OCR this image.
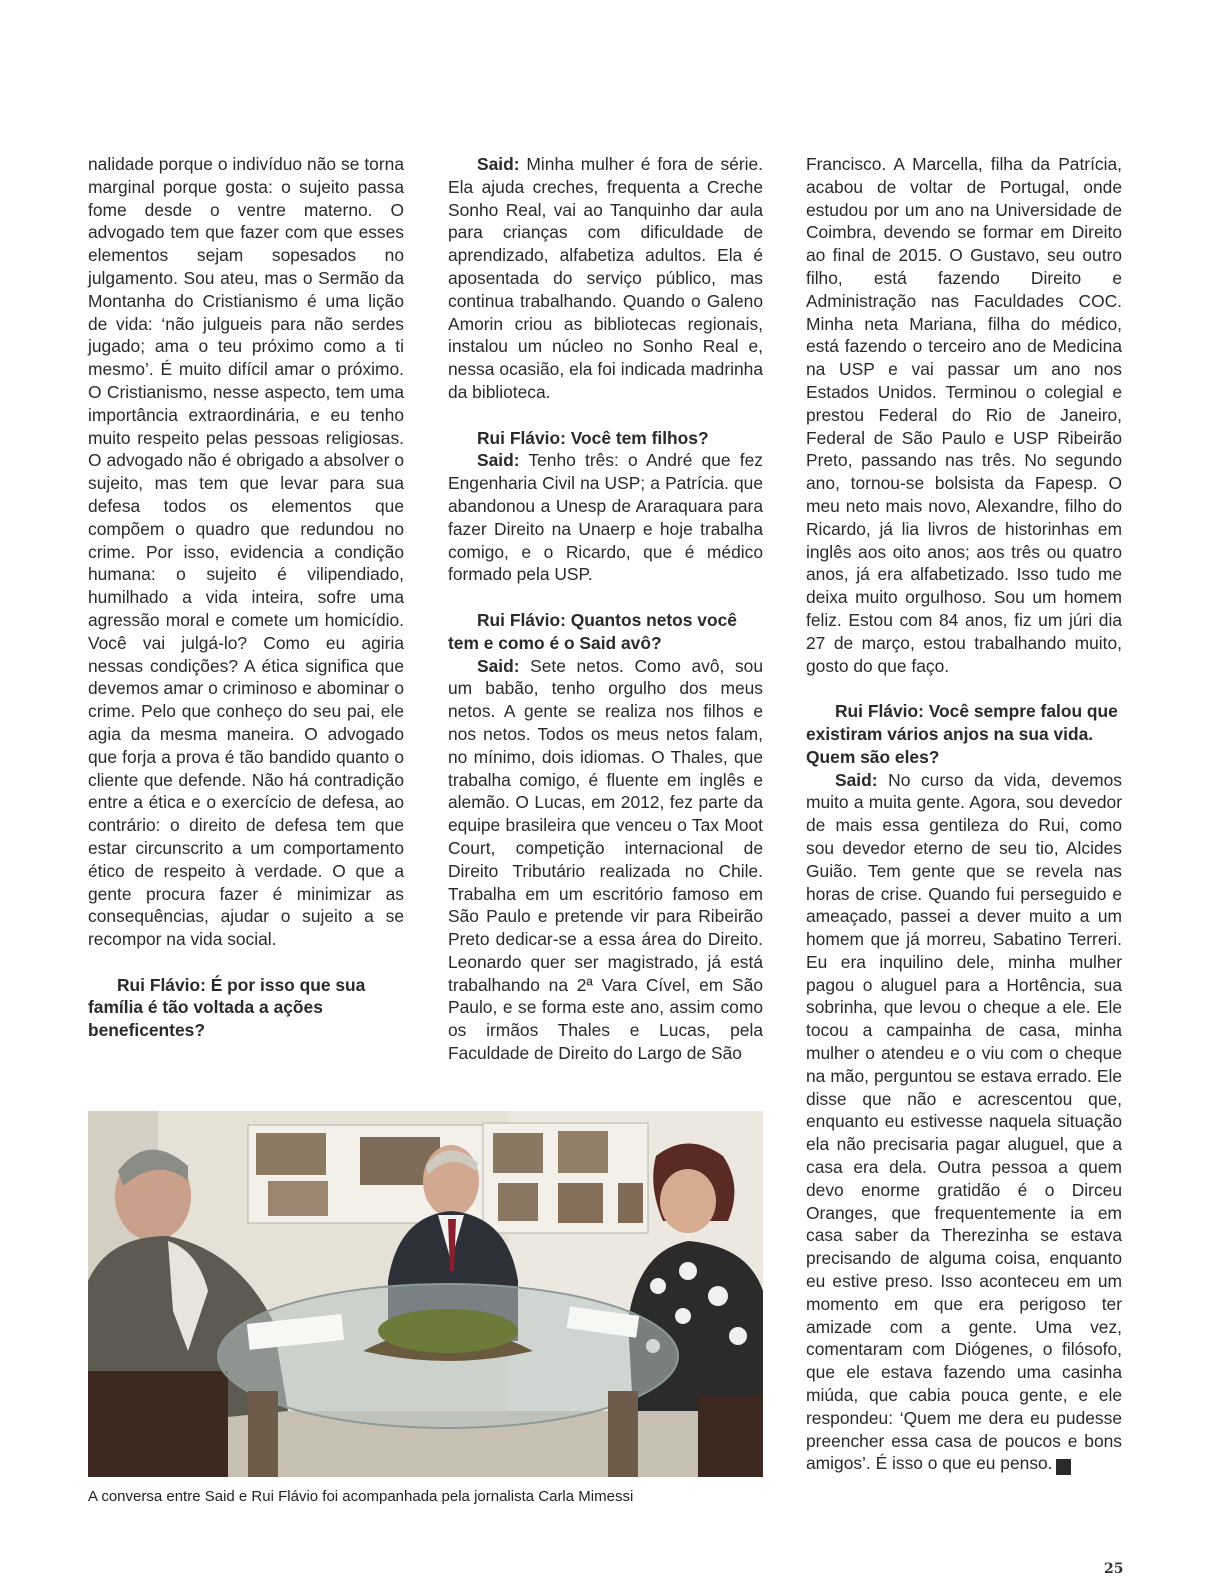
nalidade porque o indivíduo não se torna marginal porque gosta: o sujeito passa fome desde o ventre materno. O advogado tem que fazer com que esses elementos sejam sopesados no julgamento. Sou ateu, mas o Sermão da Montanha do Cristianismo é uma lição de vida: ‘não julgueis para não serdes jugado; ama o teu próximo como a ti mesmo’. É muito difícil amar o próximo. O Cristianismo, nesse aspecto, tem uma importância extraordinária, e eu tenho muito respeito pelas pessoas religiosas. O advogado não é obrigado a absolver o sujeito, mas tem que levar para sua defesa todos os elementos que compõem o quadro que redundou no crime. Por isso, evidencia a condição humana: o sujeito é vilipendiado, humilhado a vida inteira, sofre uma agressão moral e comete um homicídio. Você vai julgá-lo? Como eu agiria nessas condições? A ética significa que devemos amar o criminoso e abominar o crime. Pelo que conheço do seu pai, ele agia da mesma maneira. O advogado que forja a prova é tão bandido quanto o cliente que defende. Não há contradição entre a ética e o exercício de defesa, ao contrário: o direito de defesa tem que estar circunscrito a um comportamento ético de respeito à verdade. O que a gente procura fazer é minimizar as consequências, ajudar o sujeito a se recompor na vida social.

Rui Flávio: É por isso que sua família é tão voltada a ações beneficentes?

Said: Minha mulher é fora de série. Ela ajuda creches, frequenta a Creche Sonho Real, vai ao Tanquinho dar aula para crianças com dificuldade de aprendizado, alfabetiza adultos. Ela é aposentada do serviço público, mas continua trabalhando. Quando o Galeno Amorin criou as bibliotecas regionais, instalou um núcleo no Sonho Real e, nessa ocasião, ela foi indicada madrinha da biblioteca.

Rui Flávio: Você tem filhos?

Said: Tenho três: o André que fez Engenharia Civil na USP; a Patrícia. que abandonou a Unesp de Araraquara para fazer Direito na Unaerp e hoje trabalha comigo, e o Ricardo, que é médico formado pela USP.

Rui Flávio: Quantos netos você tem e como é o Said avô?

Said: Sete netos. Como avô, sou um babão, tenho orgulho dos meus netos. A gente se realiza nos filhos e nos netos. Todos os meus netos falam, no mínimo, dois idiomas. O Thales, que trabalha comigo, é fluente em inglês e alemão. O Lucas, em 2012, fez parte da equipe brasileira que venceu o Tax Moot Court, competição internacional de Direito Tributário realizada no Chile. Trabalha em um escritório famoso em São Paulo e pretende vir para Ribeirão Preto dedicar-se a essa área do Direito. Leonardo quer ser magistrado, já está trabalhando na 2ª Vara Cível, em São Paulo, e se forma este ano, assim como os irmãos Thales e Lucas, pela Faculdade de Direito do Largo de São

Francisco. A Marcella, filha da Patrícia, acabou de voltar de Portugal, onde estudou por um ano na Universidade de Coimbra, devendo se formar em Direito ao final de 2015. O Gustavo, seu outro filho, está fazendo Direito e Administração nas Faculdades COC. Minha neta Mariana, filha do médico, está fazendo o terceiro ano de Medicina na USP e vai passar um ano nos Estados Unidos. Terminou o colegial e prestou Federal do Rio de Janeiro, Federal de São Paulo e USP Ribeirão Preto, passando nas três. No segundo ano, tornou-se bolsista da Fapesp. O meu neto mais novo, Alexandre, filho do Ricardo, já lia livros de historinhas em inglês aos oito anos; aos três ou quatro anos, já era alfabetizado. Isso tudo me deixa muito orgulhoso. Sou um homem feliz. Estou com 84 anos, fiz um júri dia 27 de março, estou trabalhando muito, gosto do que faço.

Rui Flávio: Você sempre falou que existiram vários anjos na sua vida. Quem são eles?

Said: No curso da vida, devemos muito a muita gente. Agora, sou devedor de mais essa gentileza do Rui, como sou devedor eterno de seu tio, Alcides Guião. Tem gente que se revela nas horas de crise. Quando fui perseguido e ameaçado, passei a dever muito a um homem que já morreu, Sabatino Terreri. Eu era inquilino dele, minha mulher pagou o aluguel para a Hortência, sua sobrinha, que levou o cheque a ele. Ele tocou a campainha de casa, minha mulher o atendeu e o viu com o cheque na mão, perguntou se estava errado. Ele disse que não e acrescentou que, enquanto eu estivesse naquela situação ela não precisaria pagar aluguel, que a casa era dela. Outra pessoa a quem devo enorme gratidão é o Dirceu Oranges, que frequentemente ia em casa saber da Therezinha se estava precisando de alguma coisa, enquanto eu estive preso. Isso aconteceu em um momento em que era perigoso ter amizade com a gente. Uma vez, comentaram com Diógenes, o filósofo, que ele estava fazendo uma casinha miúda, que cabia pouca gente, e ele respondeu: ‘Quem me dera eu pudesse preencher essa casa de poucos e bons amigos’. É isso o que eu penso.	r

A conversa entre Said e Rui Flávio foi acompanhada pela jornalista Carla Mimessi
25
